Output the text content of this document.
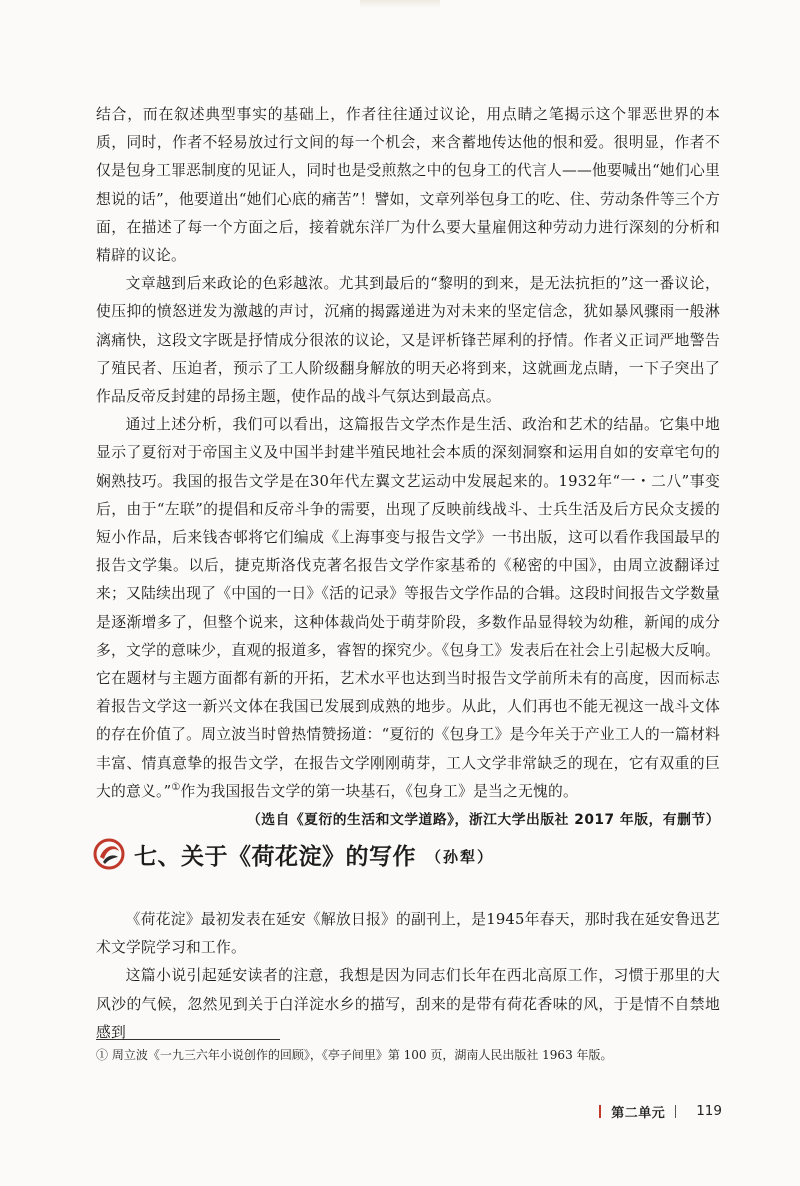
结合，而在叙述典型事实的基础上，作者往往通过议论，用点睛之笔揭示这个罪恶世界的本质，同时，作者不轻易放过行文间的每一个机会，来含蓄地传达他的恨和爱。很明显，作者不仅是包身工罪恶制度的见证人，同时也是受煎熬之中的包身工的代言人——他要喊出“她们心里想说的话”，他要道出“她们心底的痛苦”！譬如，文章列举包身工的吃、住、劳动条件等三个方面，在描述了每一个方面之后，接着就东洋厂为什么要大量雇佣这种劳动力进行深刻的分析和精辟的议论。

文章越到后来政论的色彩越浓。尤其到最后的“黎明的到来，是无法抗拒的”这一番议论，使压抑的愤怒迸发为激越的声讨，沉痛的揭露递进为对未来的坚定信念，犹如暴风骤雨一般淋漓痛快，这段文字既是抒情成分很浓的议论，又是评析锋芒犀利的抒情。作者义正词严地警告了殖民者、压迫者，预示了工人阶级翻身解放的明天必将到来，这就画龙点睛，一下子突出了作品反帝反封建的昂扬主题，使作品的战斗气氛达到最高点。

通过上述分析，我们可以看出，这篇报告文学杰作是生活、政治和艺术的结晶。它集中地显示了夏衍对于帝国主义及中国半封建半殖民地社会本质的深刻洞察和运用自如的安章宅句的娴熟技巧。我国的报告文学是在30年代左翼文艺运动中发展起来的。1932年“一・二八”事变后，由于“左联”的提倡和反帝斗争的需要，出现了反映前线战斗、士兵生活及后方民众支援的短小作品，后来钱杏邨将它们编成《上海事变与报告文学》一书出版，这可以看作我国最早的报告文学集。以后，捷克斯洛伐克著名报告文学作家基希的《秘密的中国》，由周立波翻译过来；又陆续出现了《中国的一日》《活的记录》等报告文学作品的合辑。这段时间报告文学数量是逐渐增多了，但整个说来，这种体裁尚处于萌芽阶段，多数作品显得较为幼稚，新闻的成分多，文学的意味少，直观的报道多，睿智的探究少。《包身工》发表后在社会上引起极大反响。它在题材与主题方面都有新的开拓，艺术水平也达到当时报告文学前所未有的高度，因而标志着报告文学这一新兴文体在我国已发展到成熟的地步。从此，人们再也不能无视这一战斗文体的存在价值了。周立波当时曾热情赞扬道：“夏衍的《包身工》是今年关于产业工人的一篇材料丰富、情真意挚的报告文学，在报告文学刚刚萌芽，工人文学非常缺乏的现在，它有双重的巨大的意义。”①作为我国报告文学的第一块基石，《包身工》是当之无愧的。

（选自《夏衍的生活和文学道路》，浙江大学出版社 2017 年版，有删节）

七、关于《荷花淀》的写作 （孙犁）

《荷花淀》最初发表在延安《解放日报》的副刊上，是1945年春天，那时我在延安鲁迅艺术文学院学习和工作。

这篇小说引起延安读者的注意，我想是因为同志们长年在西北高原工作，习惯于那里的大风沙的气候，忽然见到关于白洋淀水乡的描写，刮来的是带有荷花香味的风，于是情不自禁地感到

① 周立波《一九三六年小说创作的回顾》，《亭子间里》第 100 页，湖南人民出版社 1963 年版。
第二单元 119
